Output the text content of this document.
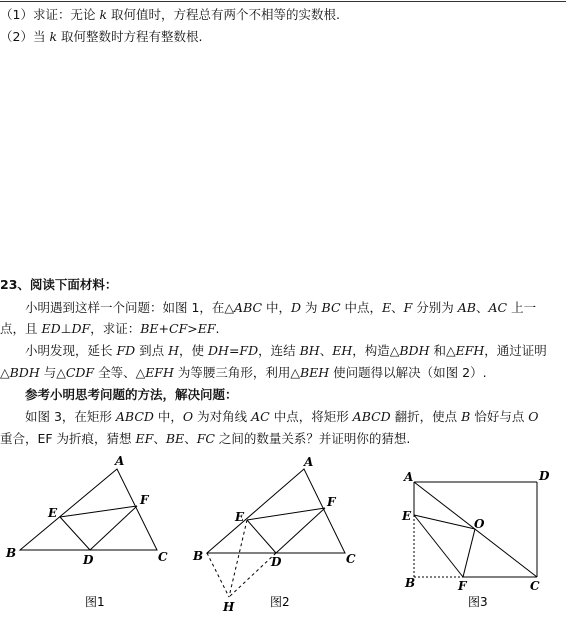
（1）求证：无论 k 取何值时，方程总有两个不相等的实数根.
（2）当 k 取何整数时方程有整数根.
23、阅读下面材料：
　　小明遇到这样一个问题：如图 1，在△ABC 中，D 为 BC 中点，E、F 分别为 AB、AC 上一
点，且 ED⊥DF，求证：BE+CF>EF.
　　小明发现，延长 FD 到点 H，使 DH=FD，连结 BH、EH，构造△BDH 和△EFH，通过证明
△BDH 与△CDF 全等、△EFH 为等腰三角形，利用△BEH 使问题得以解决（如图 2）.
　　参考小明思考问题的方法，解决问题：
　　如图 3，在矩形 ABCD 中，O 为对角线 AC 中点，将矩形 ABCD 翻折，使点 B 恰好与点 O
重合，EF 为折痕，猜想 EF、BE、FC 之间的数量关系？并证明你的猜想.
A
B	C
D
E
F
图1
A
B	C
D
E
F
H	图2
A	D
E
O
B	F	C
图3
